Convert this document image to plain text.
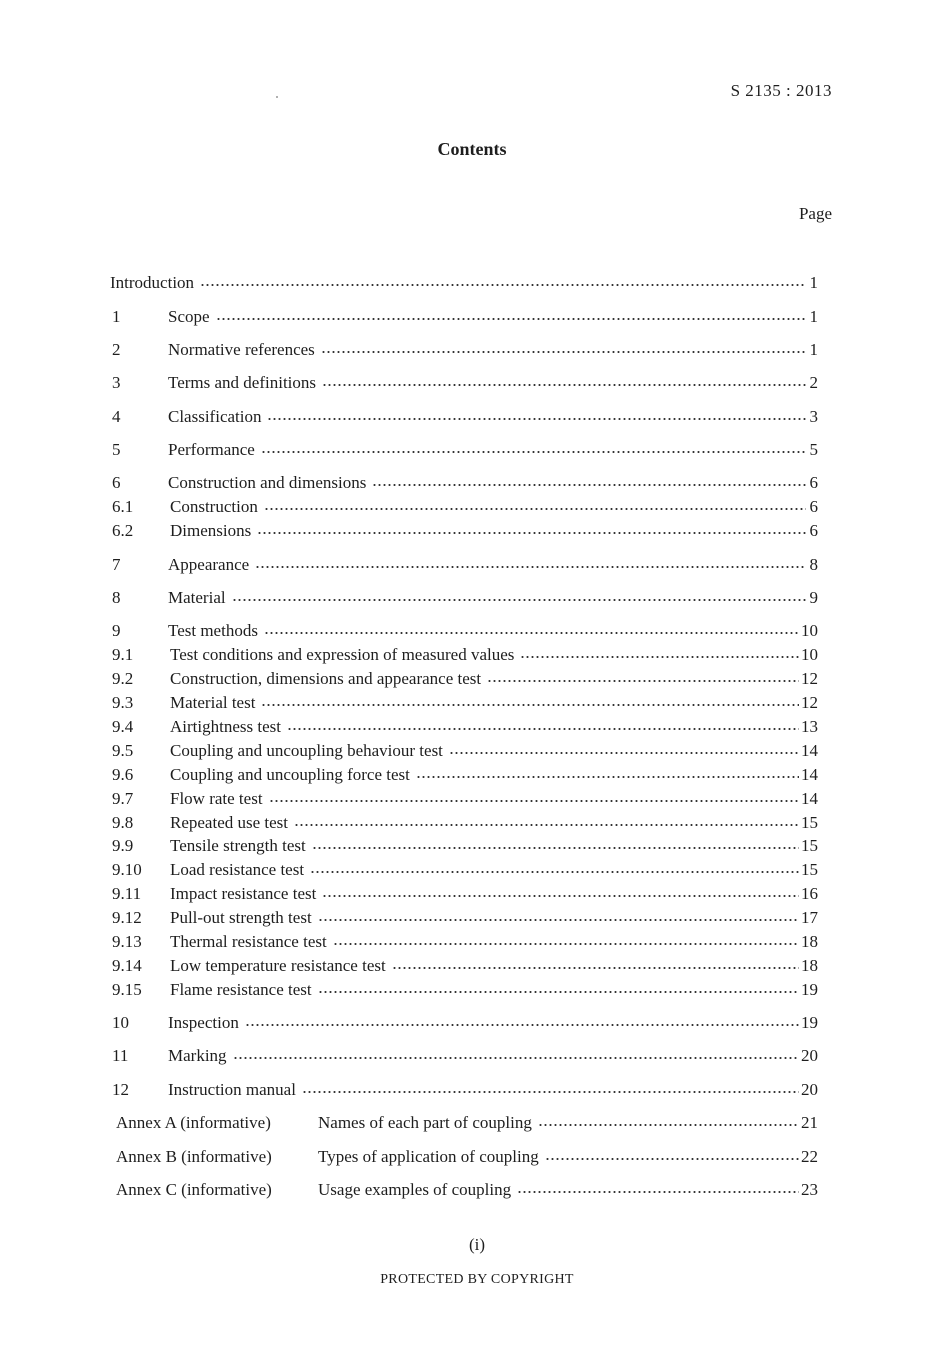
S 2135 : 2013
Contents
Page
Introduction	1
1	Scope	1
2	Normative references	1
3	Terms and definitions	2
4	Classification	3
5	Performance	5
6	Construction and dimensions	6
6.1	Construction	6
6.2	Dimensions	6
7	Appearance	8
8	Material	9
9	Test methods	10
9.1	Test conditions and expression of measured values	10
9.2	Construction, dimensions and appearance test	12
9.3	Material test	12
9.4	Airtightness test	13
9.5	Coupling and uncoupling behaviour test	14
9.6	Coupling and uncoupling force test	14
9.7	Flow rate test	14
9.8	Repeated use test	15
9.9	Tensile strength test	15
9.10	Load resistance test	15
9.11	Impact resistance test	16
9.12	Pull-out strength test	17
9.13	Thermal resistance test	18
9.14	Low temperature resistance test	18
9.15	Flame resistance test	19
10	Inspection	19
11	Marking	20
12	Instruction manual	20
Annex A (informative)	Names of each part of coupling	21
Annex B (informative)	Types of application of coupling	22
Annex C (informative)	Usage examples of coupling	23
(i)
PROTECTED BY COPYRIGHT
